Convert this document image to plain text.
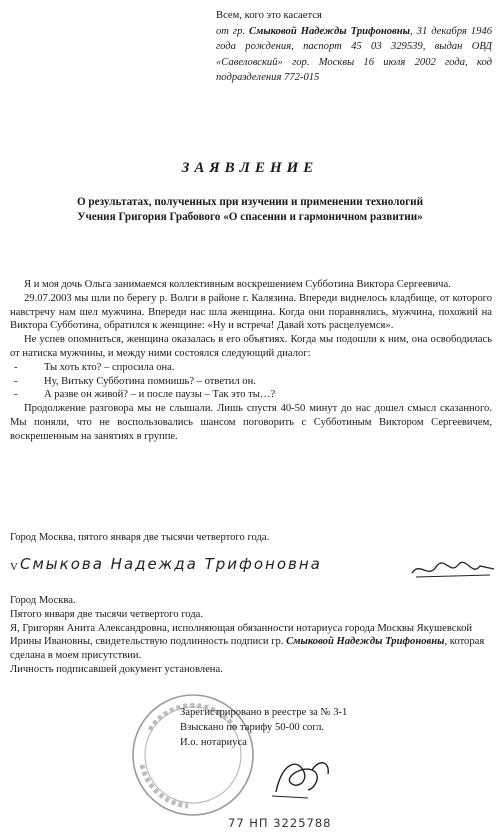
Всем, кого это касается

от гр. Смыковой Надежды Трифоновны, 31 декабря 1946 года рождения, паспорт 45 03 329539, выдан ОВД «Савеловский» гор. Москвы 16 июля 2002 года, код подразделения 772-015

ЗАЯВЛЕНИЕ

О результатах, полученных при изучении и применении технологий

Учения Григория Грабового «О спасении и гармоничном развитии»

Я и моя дочь Ольга занимаемся коллективным воскрешением Субботина Виктора Сергеевича.

29.07.2003 мы шли по берегу р. Волги в районе г. Калязина. Впереди виднелось кладбище, от которого навстречу нам шел мужчина. Впереди нас шла женщина. Когда они поравнялись, мужчина, похожий на Виктора Субботина, обратился к женщине: «Ну и встреча! Давай хоть расцелуемся».

Не успев опомниться, женщина оказалась в его объятиях. Когда мы подошли к ним, она освободилась от натиска мужчины, и между ними состоялся следующий диалог:

- Ты хоть кто? – спросила она.
- Ну, Витьку Субботина помнишь? – ответил он.
- А разве он живой? – и после паузы – Так это ты…?

Продолжение разговора мы не слышали. Лишь спустя 40-50 минут до нас дошел смысл сказанного. Мы поняли, что не воспользовались шансом поговорить с Субботиным Виктором Сергеевичем, воскрешенным на занятиях в группе.

Город Москва, пятого января две тысячи четвертого года.
V Смыкова Надежда Трифоновна

Город Москва.

Пятого января две тысячи четвертого года.

Я, Григорян Анита Александровна, исполняющая обязанности нотариуса города Москвы Якушевской Ирины Ивановны, свидетельствую подлинность подписи гр. Смыковой Надежды Трифоновны, которая сделана в моем присутствии.

Личность подписавшей документ установлена.

Зарегистрировано в реестре за № 3-1

Взыскано по тарифу 50-00 согл.

И.о. нотариуса

77 НП 3225788
